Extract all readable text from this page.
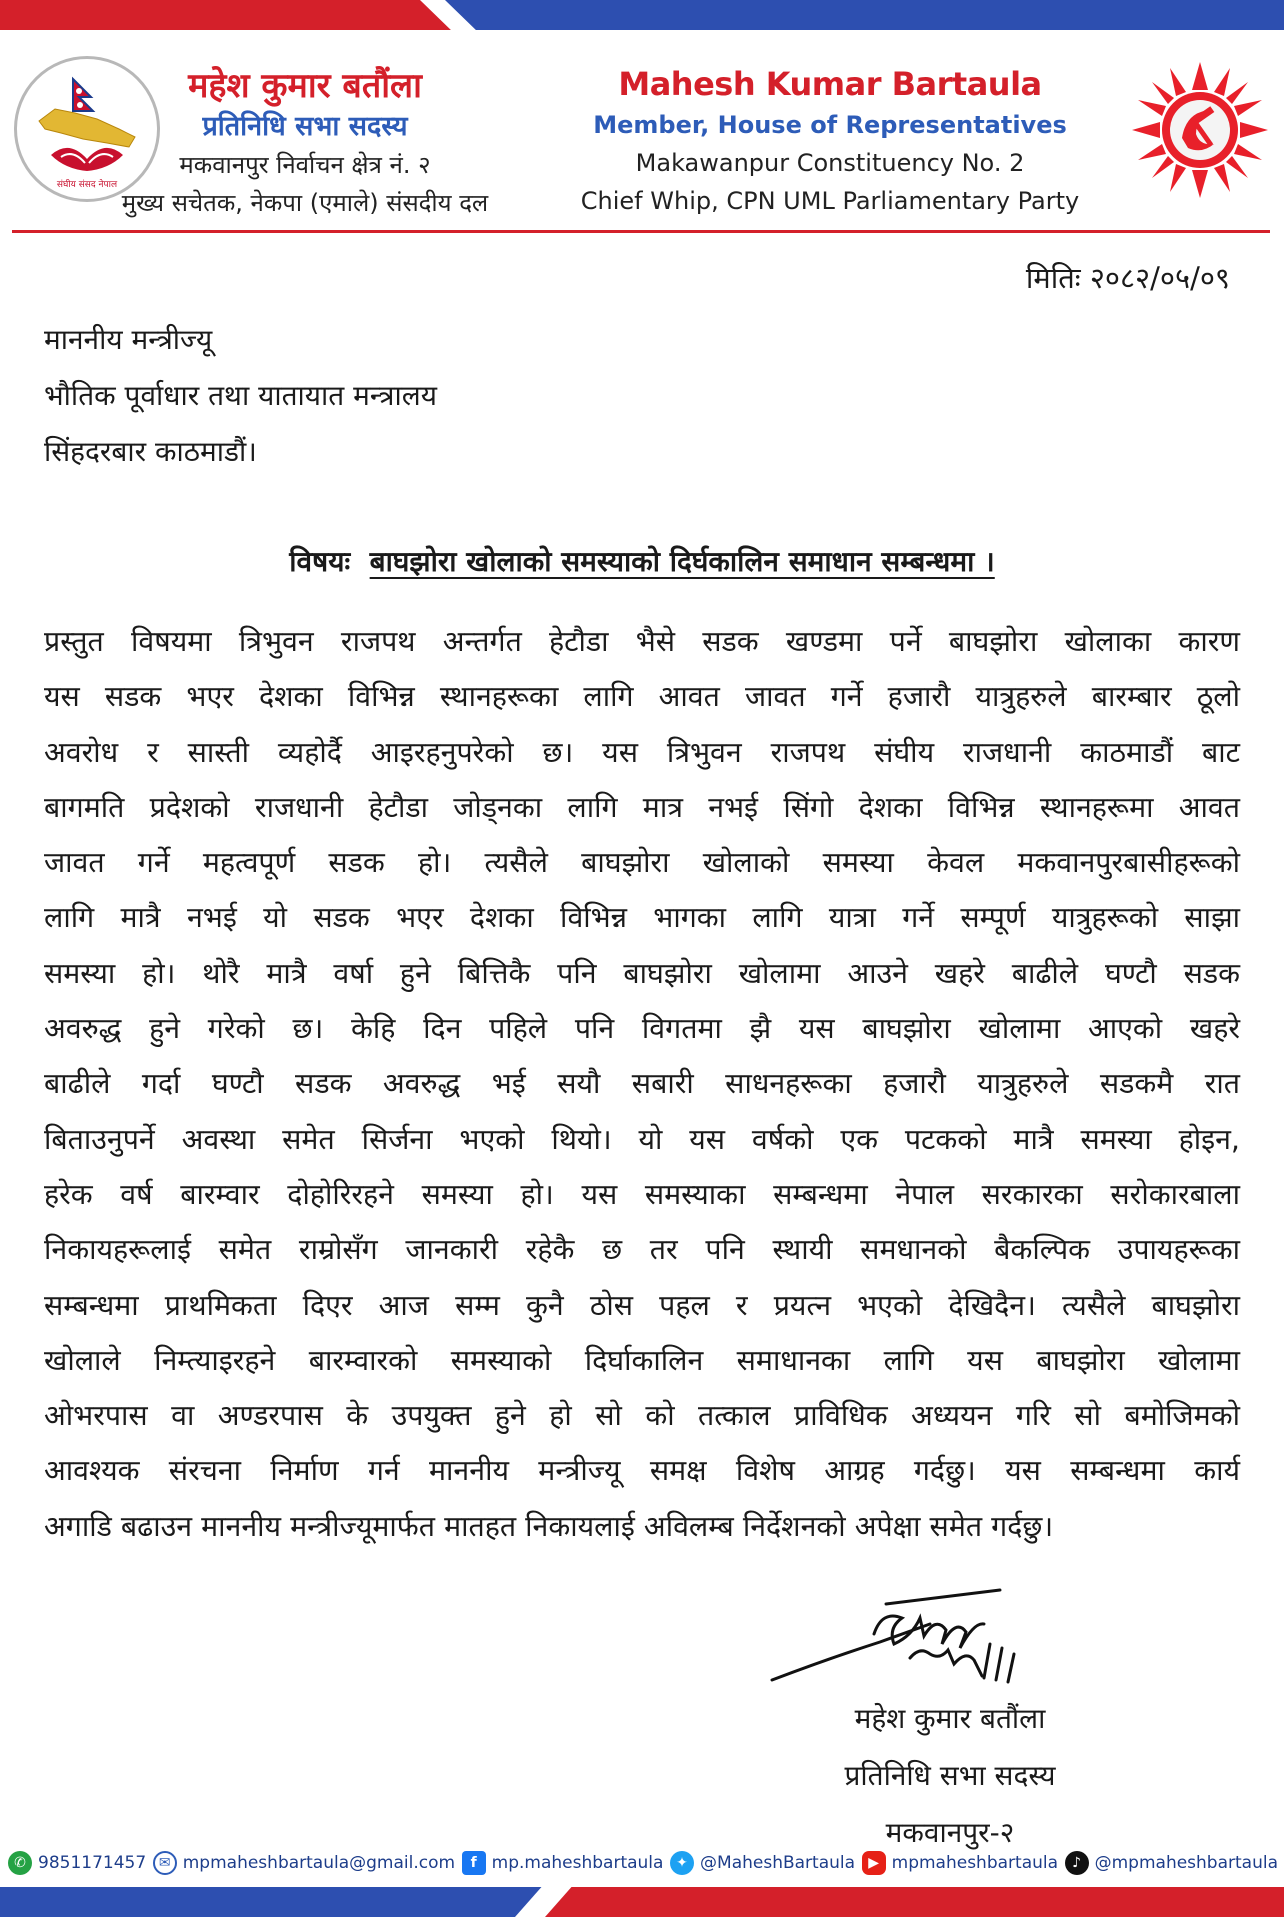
संघीय संसद नेपाल
महेश कुमार बतौंला
प्रतिनिधि सभा सदस्य
मकवानपुर निर्वाचन क्षेत्र नं. २
मुख्य सचेतक, नेकपा (एमाले) संसदीय दल
Mahesh Kumar Bartaula
Member, House of Representatives
Makawanpur Constituency No. 2
Chief Whip, CPN UML Parliamentary Party
मितिः २०८२/०५/०९
माननीय मन्त्रीज्यू
भौतिक पूर्वाधार तथा यातायात मन्त्रालय
सिंहदरबार काठमाडौं।
विषयः बाघझोरा खोलाको समस्याको दिर्घकालिन समाधान सम्बन्धमा ।
प्रस्तुत विषयमा त्रिभुवन राजपथ अन्तर्गत हेटौडा भैसे सडक खण्डमा पर्ने बाघझोरा खोलाका कारण
यस सडक भएर देशका विभिन्न स्थानहरूका लागि आवत जावत गर्ने हजारौ यात्रुहरुले बारम्बार ठूलो
अवरोध र सास्ती व्यहोर्दै आइरहनुपरेको छ। यस त्रिभुवन राजपथ संघीय राजधानी काठमाडौं बाट
बागमति प्रदेशको राजधानी हेटौडा जोड्नका लागि मात्र नभई सिंगो देशका विभिन्न स्थानहरूमा आवत
जावत गर्ने महत्वपूर्ण सडक हो। त्यसैले बाघझोरा खोलाको समस्या केवल मकवानपुरबासीहरूको
लागि मात्रै नभई यो सडक भएर देशका विभिन्न भागका लागि यात्रा गर्ने सम्पूर्ण यात्रुहरूको साझा
समस्या हो। थोरै मात्रै वर्षा हुने बित्तिकै पनि बाघझोरा खोलामा आउने खहरे बाढीले घण्टौ सडक
अवरुद्ध हुने गरेको छ। केहि दिन पहिले पनि विगतमा झै यस बाघझोरा खोलामा आएको खहरे
बाढीले गर्दा घण्टौ सडक अवरुद्ध भई सयौ सबारी साधनहरूका हजारौ यात्रुहरुले सडकमै रात
बिताउनुपर्ने अवस्था समेत सिर्जना भएको थियो। यो यस वर्षको एक पटकको मात्रै समस्या होइन,
हरेक वर्ष बारम्वार दोहोरिरहने समस्या हो। यस समस्याका सम्बन्धमा नेपाल सरकारका सरोकारबाला
निकायहरूलाई समेत राम्रोसँग जानकारी रहेकै छ तर पनि स्थायी समधानको बैकल्पिक उपायहरूका
सम्बन्धमा प्राथमिकता दिएर आज सम्म कुनै ठोस पहल र प्रयत्न भएको देखिदैन। त्यसैले बाघझोरा
खोलाले निम्त्याइरहने बारम्वारको समस्याको दिर्घाकालिन समाधानका लागि यस बाघझोरा खोलामा
ओभरपास वा अण्डरपास के उपयुक्त हुने हो सो को तत्काल प्राविधिक अध्ययन गरि सो बमोजिमको
आवश्यक संरचना निर्माण गर्न माननीय मन्त्रीज्यू समक्ष विशेष आग्रह गर्दछु। यस सम्बन्धमा कार्य
अगाडि बढाउन माननीय मन्त्रीज्यूमार्फत मातहत निकायलाई अविलम्ब निर्देशनको अपेक्षा समेत गर्दछु।
महेश कुमार बतौंला
प्रतिनिधि सभा सदस्य
मकवानपुर-२
✆ 9851171457 ✉ mpmaheshbartaula@gmail.com	f mp.maheshbartaula ✦ @MaheshBartaula ▶ mpmaheshbartaula	♪ @mpmaheshbartaula
